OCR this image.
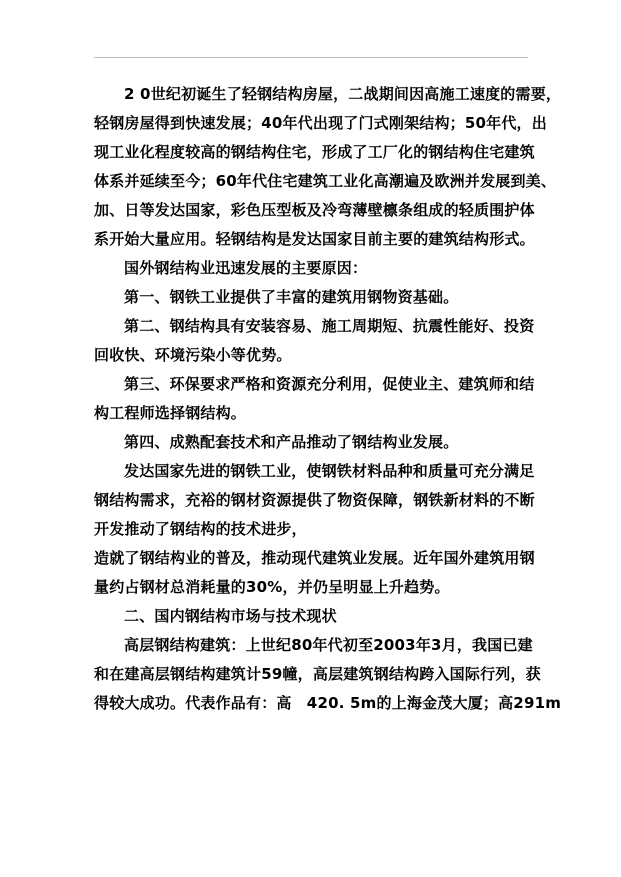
2 0世纪初诞生了轻钢结构房屋，二战期间因高施工速度的需要，
轻钢房屋得到快速发展；40年代出现了门式刚架结构；50年代，出
现工业化程度较高的钢结构住宅，形成了工厂化的钢结构住宅建筑
体系并延续至今；60年代住宅建筑工业化高潮遍及欧洲并发展到美、
加、日等发达国家，彩色压型板及冷弯薄壁檩条组成的轻质围护体
系开始大量应用。轻钢结构是发达国家目前主要的建筑结构形式。
国外钢结构业迅速发展的主要原因：
第一、钢铁工业提供了丰富的建筑用钢物资基础。
第二、钢结构具有安装容易、施工周期短、抗震性能好、投资
回收快、环境污染小等优势。
第三、环保要求严格和资源充分利用，促使业主、建筑师和结
构工程师选择钢结构。
第四、成熟配套技术和产品推动了钢结构业发展。
发达国家先进的钢铁工业，使钢铁材料品种和质量可充分满足
钢结构需求，充裕的钢材资源提供了物资保障，钢铁新材料的不断
开发推动了钢结构的技术进步，
造就了钢结构业的普及，推动现代建筑业发展。近年国外建筑用钢
量约占钢材总消耗量的30%，并仍呈明显上升趋势。
二、国内钢结构市场与技术现状
高层钢结构建筑：上世纪80年代初至2003年3月，我国已建
和在建高层钢结构建筑计59幢，高层建筑钢结构跨入国际行列，获
得较大成功。代表作品有：高　420. 5m的上海金茂大厦；高291m
